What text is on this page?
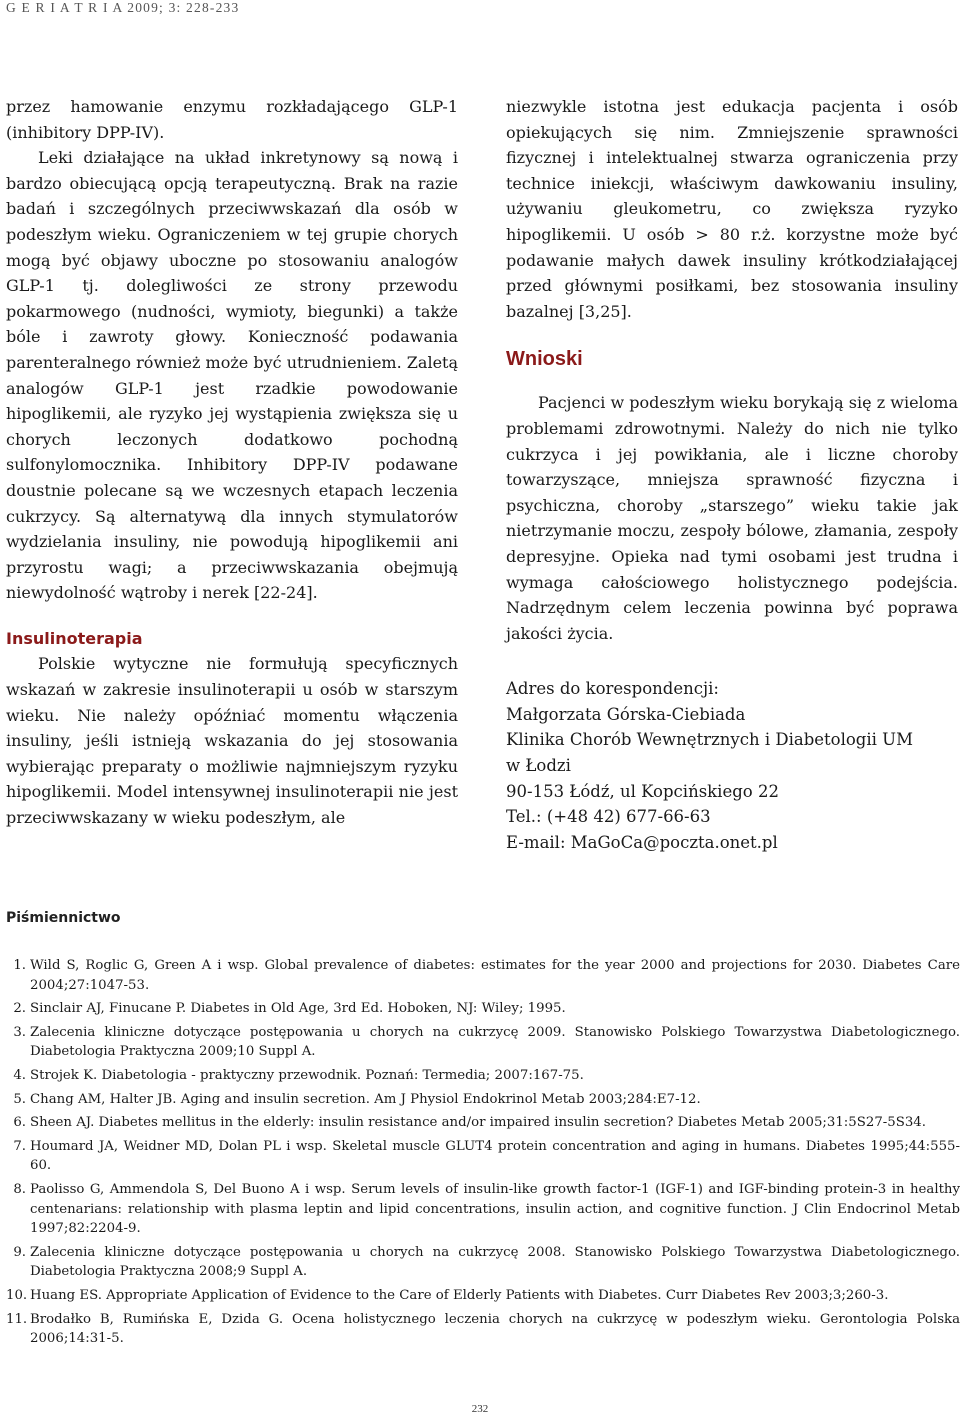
G E R I A T R I A 2009; 3: 228-233

przez hamowanie enzymu rozkładającego GLP-1 (inhibitory DPP-IV).

Leki działające na układ inkretynowy są nową i bardzo obiecującą opcją terapeutyczną. Brak na razie badań i szczególnych przeciwwskazań dla osób w podeszłym wieku. Ograniczeniem w tej grupie chorych mogą być objawy uboczne po stosowaniu analogów GLP-1 tj. dolegliwości ze strony przewodu pokarmowego (nudności, wymioty, biegunki) a także bóle i zawroty głowy. Konieczność podawania parenteralnego również może być utrudnieniem. Zaletą analogów GLP-1 jest rzadkie powodowanie hipoglikemii, ale ryzyko jej wystąpienia zwiększa się u chorych leczonych dodatkowo pochodną sulfonylomocznika. Inhibitory DPP-IV podawane doustnie polecane są we wczesnych etapach leczenia cukrzycy. Są alternatywą dla innych stymulatorów wydzielania insuliny, nie powodują hipoglikemii ani przyrostu wagi; a przeciwwskazania obejmują niewydolność wątroby i nerek [22-24].

Insulinoterapia

Polskie wytyczne nie formułują specyficznych wskazań w zakresie insulinoterapii u osób w starszym wieku. Nie należy opóźniać momentu włączenia insuliny, jeśli istnieją wskazania do jej stosowania wybierając preparaty o możliwie najmniejszym ryzyku hipoglikemii. Model intensywnej insulinoterapii nie jest przeciwwskazany w wieku podeszłym, ale

niezwykle istotna jest edukacja pacjenta i osób opiekujących się nim. Zmniejszenie sprawności fizycznej i intelektualnej stwarza ograniczenia przy technice iniekcji, właściwym dawkowaniu insuliny, używaniu gleukometru, co zwiększa ryzyko hipoglikemii. U osób > 80 r.ż. korzystne może być podawanie małych dawek insuliny krótkodziałającej przed głównymi posiłkami, bez stosowania insuliny bazalnej [3,25].

Wnioski

Pacjenci w podeszłym wieku borykają się z wieloma problemami zdrowotnymi. Należy do nich nie tylko cukrzyca i jej powikłania, ale i liczne choroby towarzyszące, mniejsza sprawność fizyczna i psychiczna, choroby „starszego” wieku takie jak nietrzymanie moczu, zespoły bólowe, złamania, zespoły depresyjne. Opieka nad tymi osobami jest trudna i wymaga całościowego holistycznego podejścia. Nadrzędnym celem leczenia powinna być poprawa jakości życia.

Adres do korespondencji:
Małgorzata Górska-Ciebiada
Klinika Chorób Wewnętrznych i Diabetologii UM
w Łodzi
90-153 Łódź, ul Kopcińskiego 22
Tel.: (+48 42) 677-66-63
E-mail: MaGoCa@poczta.onet.pl
Piśmiennictwo
1. Wild S, Roglic G, Green A i wsp. Global prevalence of diabetes: estimates for the year 2000 and projections for 2030. Diabetes Care 2004;27:1047-53.
2. Sinclair AJ, Finucane P. Diabetes in Old Age, 3rd Ed. Hoboken, NJ: Wiley; 1995.
3. Zalecenia kliniczne dotyczące postępowania u chorych na cukrzycę 2009. Stanowisko Polskiego Towarzystwa Diabetologicznego. Diabetologia Praktyczna 2009;10 Suppl A.
4. Strojek K. Diabetologia - praktyczny przewodnik. Poznań: Termedia; 2007:167-75.
5. Chang AM, Halter JB. Aging and insulin secretion. Am J Physiol Endokrinol Metab 2003;284:E7-12.
6. Sheen AJ. Diabetes mellitus in the elderly: insulin resistance and/or impaired insulin secretion? Diabetes Metab 2005;31:5S27-5S34.
7. Houmard JA, Weidner MD, Dolan PL i wsp. Skeletal muscle GLUT4 protein concentration and aging in humans. Diabetes 1995;44:555-60.
8. Paolisso G, Ammendola S, Del Buono A i wsp. Serum levels of insulin-like growth factor-1 (IGF-1) and IGF-binding protein-3 in healthy centenarians: relationship with plasma leptin and lipid concentrations, insulin action, and cognitive function. J Clin Endocrinol Metab 1997;82:2204-9.
9. Zalecenia kliniczne dotyczące postępowania u chorych na cukrzycę 2008. Stanowisko Polskiego Towarzystwa Diabetologicznego. Diabetologia Praktyczna 2008;9 Suppl A.
10. Huang ES. Appropriate Application of Evidence to the Care of Elderly Patients with Diabetes. Curr Diabetes Rev 2003;3;260-3.
11. Brodałko B, Rumińska E, Dzida G. Ocena holistycznego leczenia chorych na cukrzycę w podeszłym wieku. Gerontologia Polska 2006;14:31-5.
232
